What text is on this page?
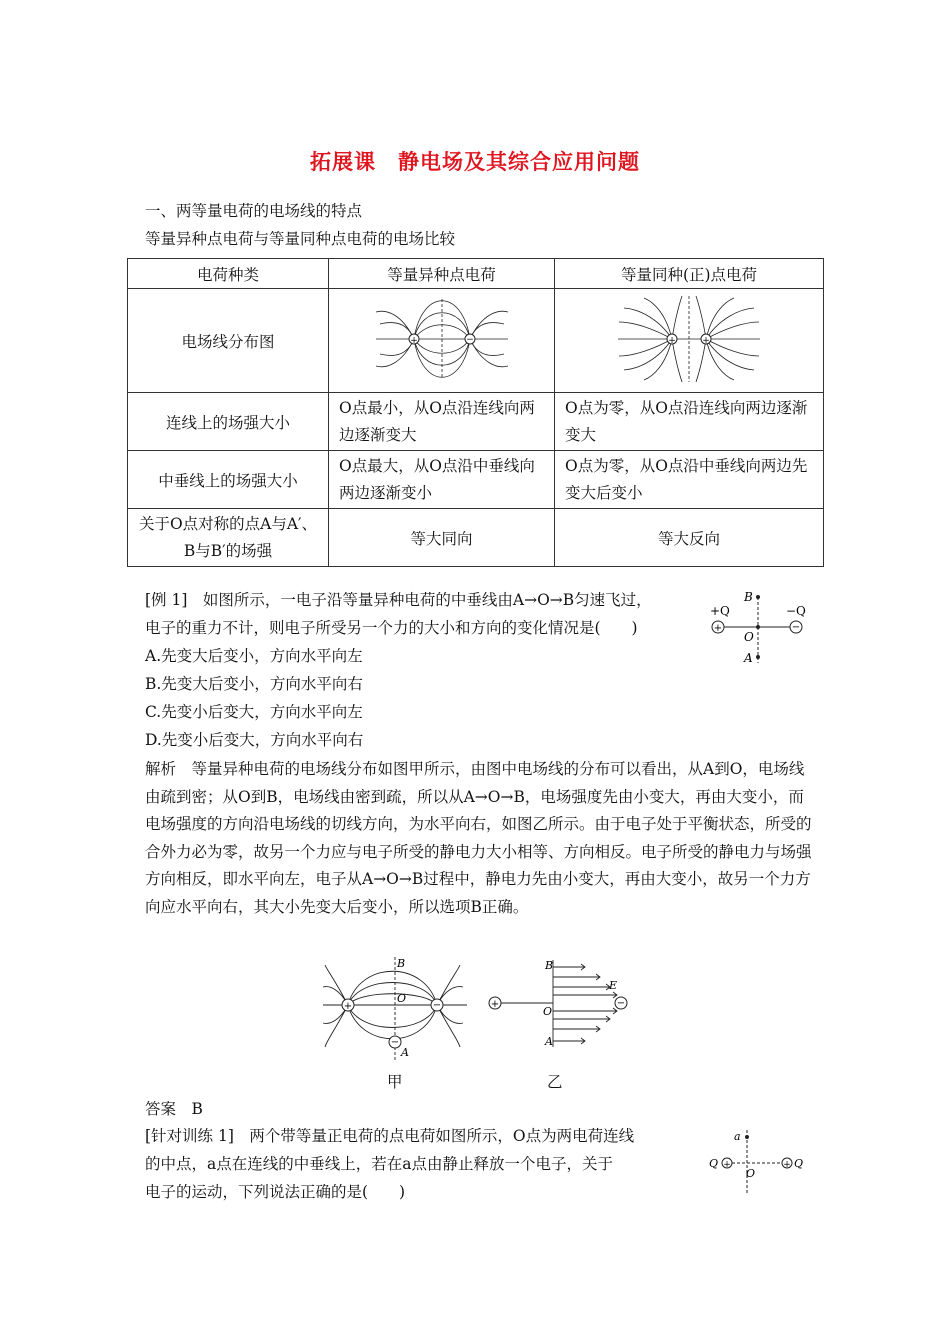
拓展课　静电场及其综合应用问题
一、两等量电荷的电场线的特点
等量异种点电荷与等量同种点电荷的电场比较
电荷种类	等量异种点电荷	等量同种(正)点电荷
电场线分布图	+ −	+ +

连线上的场强大小	O点最小，从O点沿连线向两边逐渐变大	O点为零，从O点沿连线向两边逐渐变大
中垂线上的场强大小	O点最大，从O点沿中垂线向两边逐渐变小	O点为零，从O点沿中垂线向两边先变大后变小
关于O点对称的点A与A′、B与B′的场强	等大同向	等大反向
[例 1]　如图所示，一电子沿等量异种电荷的中垂线由A→O→B匀速飞过，
电子的重力不计，则电子所受另一个力的大小和方向的变化情况是(　　)
A.先变大后变小，方向水平向左
B.先变大后变小，方向水平向右
C.先变小后变大，方向水平向左
D.先变小后变大，方向水平向右
+	−
+Q	−Q
B
O
A
解析　等量异种电荷的电场线分布如图甲所示，由图中电场线的分布可以看出，从A到O，电场线由疏到密；从O到B，电场线由密到疏，所以从A→O→B，电场强度先由小变大，再由大变小，而电场强度的方向沿电场线的切线方向，为水平向右，如图乙所示。由于电子处于平衡状态，所受的合外力必为零，故另一个力应与电子所受的静电力大小相等、方向相反。电子所受的静电力与场强方向相反，即水平向左，电子从A→O→B过程中，静电力先由小变大，再由大变小，故另一个力方向应水平向右，其大小先变大后变小，所以选项B正确。
+	−
−
B
O
A
甲
+	−
B
O
A
E
乙
答案　B
[针对训练 1]　两个带等量正电荷的点电荷如图所示，O点为两电荷连线
的中点，a点在连线的中垂线上，若在a点由静止释放一个电子，关于
电子的运动，下列说法正确的是(　　)
+	+
a
Q	Q
O
